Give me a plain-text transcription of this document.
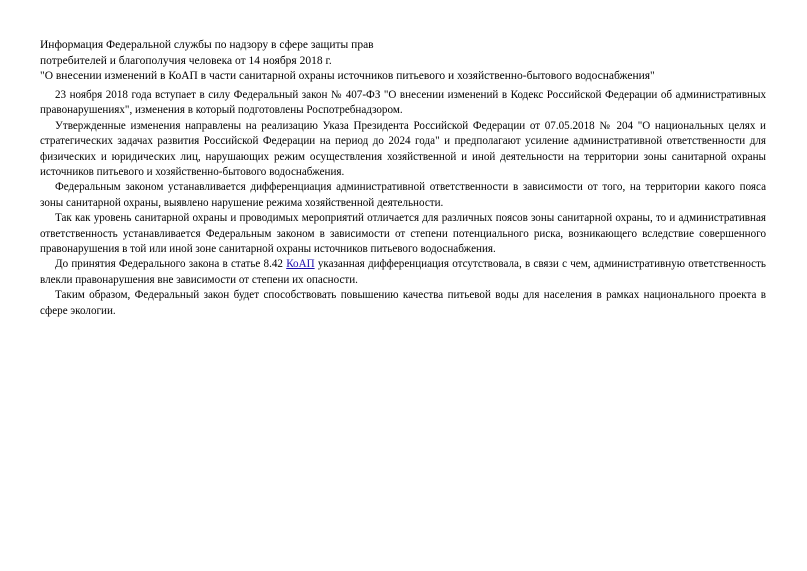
Информация Федеральной службы по надзору в сфере защиты прав
потребителей и благополучия человека от 14 ноября 2018 г.
"О внесении изменений в КоАП в части санитарной охраны источников питьевого и хозяйственно-бытового водоснабжения"

23 ноября 2018 года вступает в силу Федеральный закон № 407-ФЗ "О внесении изменений в Кодекс Российской Федерации об административных правонарушениях", изменения в который подготовлены Роспотребнадзором.

Утвержденные изменения направлены на реализацию Указа Президента Российской Федерации от 07.05.2018 № 204 "О национальных целях и стратегических задачах развития Российской Федерации на период до 2024 года" и предполагают усиление административной ответственности для физических и юридических лиц, нарушающих режим осуществления хозяйственной и иной деятельности на территории зоны санитарной охраны источников питьевого и хозяйственно-бытового водоснабжения.

Федеральным законом устанавливается дифференциация административной ответственности в зависимости от того, на территории какого пояса зоны санитарной охраны, выявлено нарушение режима хозяйственной деятельности.

Так как уровень санитарной охраны и проводимых мероприятий отличается для различных поясов зоны санитарной охраны, то и административная ответственность устанавливается Федеральным законом в зависимости от степени потенциального риска, возникающего вследствие совершенного правонарушения в той или иной зоне санитарной охраны источников питьевого водоснабжения.

До принятия Федерального закона в статье 8.42 КоАП указанная дифференциация отсутствовала, в связи с чем, административную ответственность влекли правонарушения вне зависимости от степени их опасности.

Таким образом, Федеральный закон будет способствовать повышению качества питьевой воды для населения в рамках национального проекта в сфере экологии.
